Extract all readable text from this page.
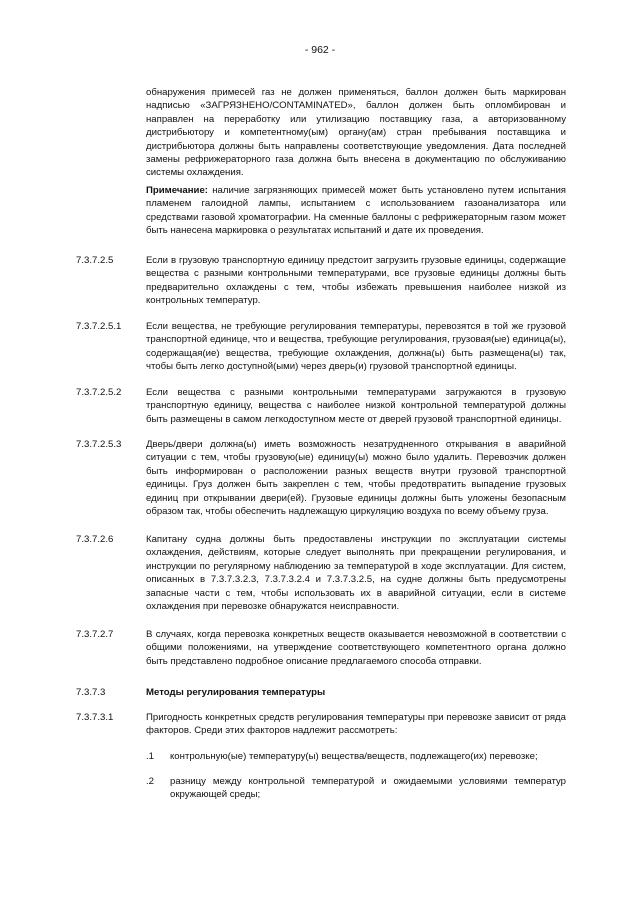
- 962 -

обнаружения примесей газ не должен применяться, баллон должен быть маркирован надписью «ЗАГРЯЗНЕНО/CONTAMINATED», баллон должен быть опломбирован и направлен на переработку или утилизацию поставщику газа, а авторизованному дистрибьютору и компетентному(ым) органу(ам) стран пребывания поставщика и дистрибьютора должны быть направлены соответствующие уведомления. Дата последней замены рефрижераторного газа должна быть внесена в документацию по обслуживанию системы охлаждения.

Примечание: наличие загрязняющих примесей может быть установлено путем испытания пламенем галоидной лампы, испытанием с использованием газоанализатора или средствами газовой хроматографии. На сменные баллоны с рефрижераторным газом может быть нанесена маркировка о результатах испытаний и дате их проведения.

7.3.7.2.5	Если в грузовую транспортную единицу предстоит загрузить грузовые единицы, содержащие вещества с разными контрольными температурами, все грузовые единицы должны быть предварительно охлаждены с тем, чтобы избежать превышения наиболее низкой из контрольных температур.

7.3.7.2.5.1	Если вещества, не требующие регулирования температуры, перевозятся в той же грузовой транспортной единице, что и вещества, требующие регулирования, грузовая(ые) единица(ы), содержащая(ие) вещества, требующие охлаждения, должна(ы) быть размещена(ы) так, чтобы быть легко доступной(ыми) через дверь(и) грузовой транспортной единицы.

7.3.7.2.5.2	Если вещества с разными контрольными температурами загружаются в грузовую транспортную единицу, вещества с наиболее низкой контрольной температурой должны быть размещены в самом легкодоступном месте от дверей грузовой транспортной единицы.

7.3.7.2.5.3	Дверь/двери должна(ы) иметь возможность незатрудненного открывания в аварийной ситуации с тем, чтобы грузовую(ые) единицу(ы) можно было удалить. Перевозчик должен быть информирован о расположении разных веществ внутри грузовой транспортной единицы. Груз должен быть закреплен с тем, чтобы предотвратить выпадение грузовых единиц при открывании двери(ей). Грузовые единицы должны быть уложены безопасным образом так, чтобы обеспечить надлежащую циркуляцию воздуха по всему объему груза.

7.3.7.2.6	Капитану судна должны быть предоставлены инструкции по эксплуатации системы охлаждения, действиям, которые следует выполнять при прекращении регулирования, и инструкции по регулярному наблюдению за температурой в ходе эксплуатации. Для систем, описанных в 7.3.7.3.2.3, 7.3.7.3.2.4 и 7.3.7.3.2.5, на судне должны быть предусмотрены запасные части с тем, чтобы использовать их в аварийной ситуации, если в системе охлаждения при перевозке обнаружатся неисправности.

7.3.7.2.7	В случаях, когда перевозка конкретных веществ оказывается невозможной в соответствии с общими положениями, на утверждение соответствующего компетентного органа должно быть представлено подробное описание предлагаемого способа отправки.

7.3.7.3	Методы регулирования температуры

7.3.7.3.1	Пригодность конкретных средств регулирования температуры при перевозке зависит от ряда факторов. Среди этих факторов надлежит рассмотреть:

.1	контрольную(ые) температуру(ы) вещества/веществ, подлежащего(их) перевозке;

.2	разницу между контрольной температурой и ожидаемыми условиями температур окружающей среды;
